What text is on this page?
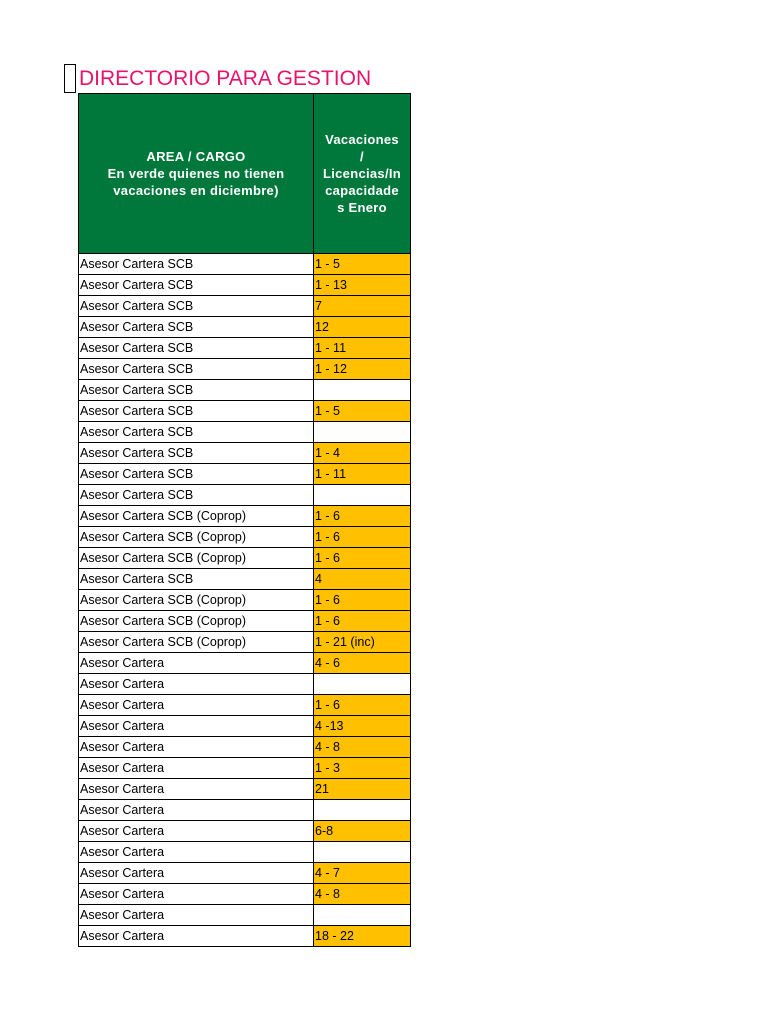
DIRECTORIO PARA GESTION
AREA / CARGO
En verde quienes no tienen
vacaciones en diciembre)	Vacaciones
/
Licencias/In
capacidade
s Enero

Asesor Cartera SCB	1 - 5
Asesor Cartera SCB	1 - 13
Asesor Cartera SCB	7
Asesor Cartera SCB	12
Asesor Cartera SCB	1 - 11
Asesor Cartera SCB	1 - 12
Asesor Cartera SCB	
Asesor Cartera SCB	1 - 5
Asesor Cartera SCB	
Asesor Cartera SCB	1 - 4
Asesor Cartera SCB	1 - 11
Asesor Cartera SCB	
Asesor Cartera SCB (Coprop)	1 - 6
Asesor Cartera SCB (Coprop)	1 - 6
Asesor Cartera SCB (Coprop)	1 - 6
Asesor Cartera SCB	4
Asesor Cartera SCB (Coprop)	1 - 6
Asesor Cartera SCB (Coprop)	1 - 6
Asesor Cartera SCB (Coprop)	1 - 21 (inc)
Asesor Cartera	4 - 6
Asesor Cartera	
Asesor Cartera	1 - 6
Asesor Cartera	4 -13
Asesor Cartera	4 - 8
Asesor Cartera	1 - 3
Asesor Cartera	21
Asesor Cartera	
Asesor Cartera	6-8
Asesor Cartera	
Asesor Cartera	4 - 7
Asesor Cartera	4 - 8
Asesor Cartera	
Asesor Cartera	18 - 22
